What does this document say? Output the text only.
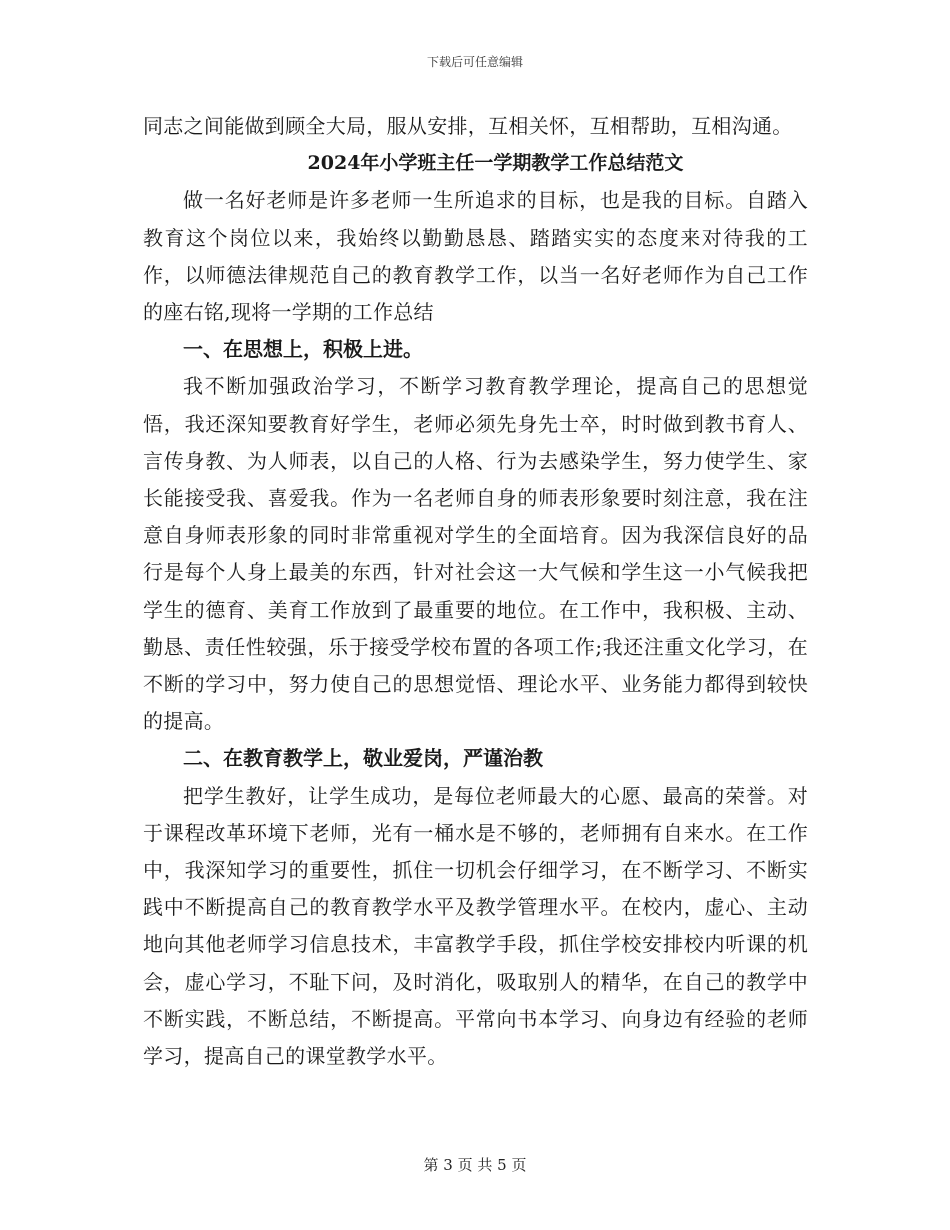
下载后可任意编辑

同志之间能做到顾全大局，服从安排，互相关怀，互相帮助，互相沟通。

2024年小学班主任一学期教学工作总结范文

做一名好老师是许多老师一生所追求的目标，也是我的目标。自踏入教育这个岗位以来，我始终以勤勤恳恳、踏踏实实的态度来对待我的工作，以师德法律规范自己的教育教学工作，以当一名好老师作为自己工作的座右铭,现将一学期的工作总结

一、在思想上，积极上进。

我不断加强政治学习，不断学习教育教学理论，提高自己的思想觉悟，我还深知要教育好学生，老师必须先身先士卒，时时做到教书育人、言传身教、为人师表，以自己的人格、行为去感染学生，努力使学生、家长能接受我、喜爱我。作为一名老师自身的师表形象要时刻注意，我在注意自身师表形象的同时非常重视对学生的全面培育。因为我深信良好的品行是每个人身上最美的东西，针对社会这一大气候和学生这一小气候我把学生的德育、美育工作放到了最重要的地位。在工作中，我积极、主动、勤恳、责任性较强，乐于接受学校布置的各项工作;我还注重文化学习，在不断的学习中，努力使自己的思想觉悟、理论水平、业务能力都得到较快的提高。

二、在教育教学上，敬业爱岗，严谨治教

把学生教好，让学生成功，是每位老师最大的心愿、最高的荣誉。对于课程改革环境下老师，光有一桶水是不够的，老师拥有自来水。在工作中，我深知学习的重要性，抓住一切机会仔细学习，在不断学习、不断实践中不断提高自己的教育教学水平及教学管理水平。在校内，虚心、主动地向其他老师学习信息技术，丰富教学手段，抓住学校安排校内听课的机会，虚心学习，不耻下问，及时消化，吸取别人的精华，在自己的教学中不断实践，不断总结，不断提高。平常向书本学习、向身边有经验的老师学习，提高自己的课堂教学水平。

第 3 页 共 5 页
